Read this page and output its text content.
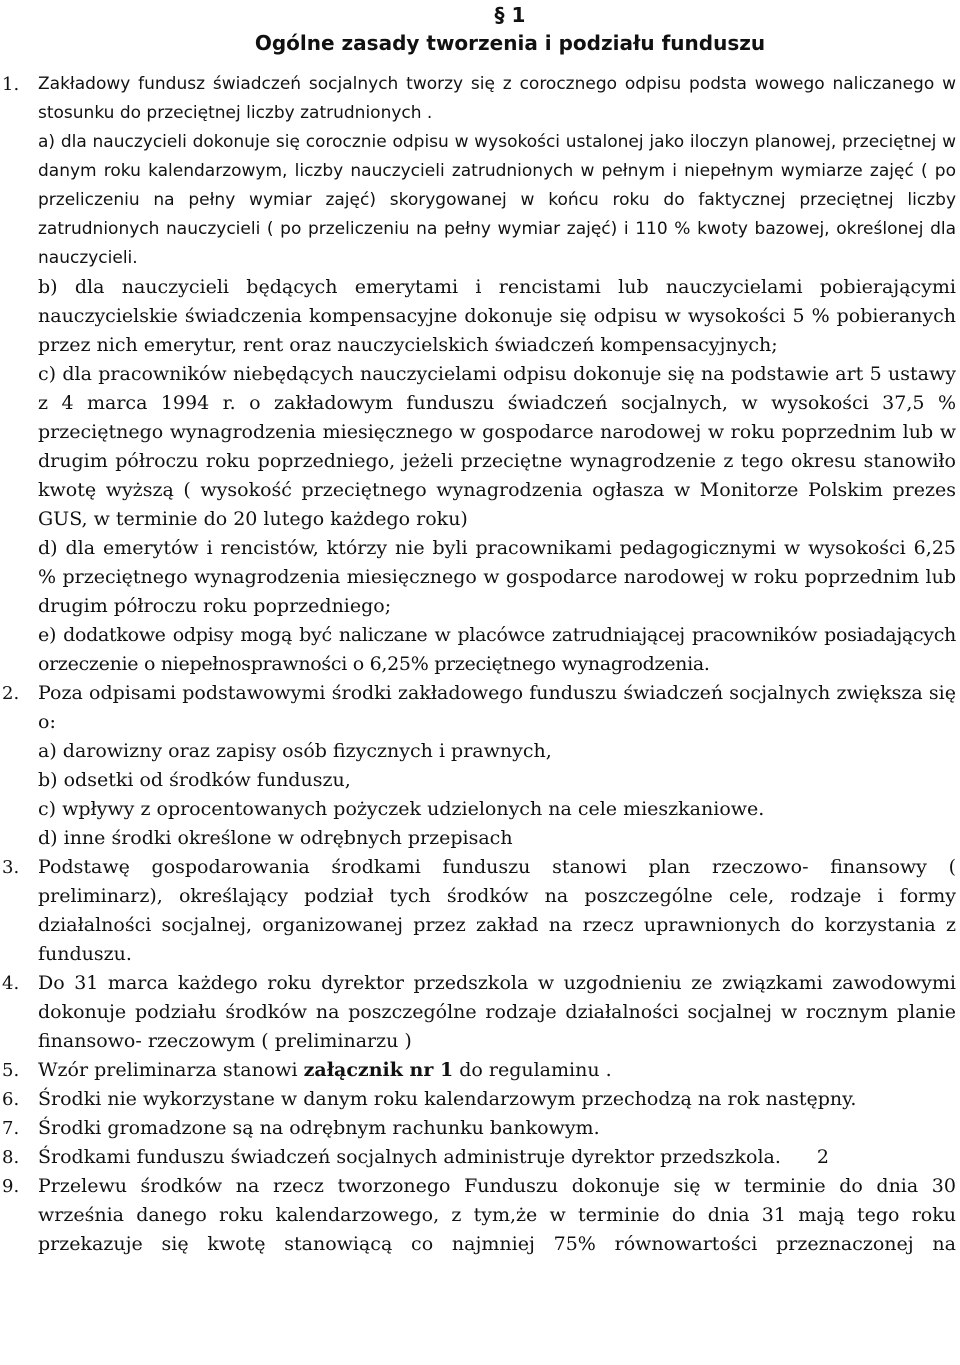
§ 1
Ogólne zasady tworzenia i podziału funduszu
1. Zakładowy fundusz świadczeń socjalnych tworzy się z corocznego odpisu podsta wowego naliczanego w stosunku do przeciętnej liczby zatrudnionych .

a) dla nauczycieli dokonuje się corocznie odpisu w wysokości ustalonej jako iloczyn planowej, przeciętnej w danym roku kalendarzowym, liczby nauczycieli zatrudnionych w pełnym i niepełnym wymiarze zajęć ( po przeliczeniu na pełny wymiar zajęć) skorygowanej w końcu roku do faktycznej przeciętnej liczby zatrudnionych nauczycieli ( po przeliczeniu na pełny wymiar zajęć) i 110 % kwoty bazowej, określonej dla nauczycieli.

b) dla nauczycieli będących emerytami i rencistami lub nauczycielami pobierającymi nauczycielskie świadczenia kompensacyjne dokonuje się odpisu w wysokości 5 % pobieranych przez nich emerytur, rent oraz nauczycielskich świadczeń kompensacyjnych;

c) dla pracowników niebędących nauczycielami odpisu dokonuje się na podstawie art 5 ustawy z 4 marca 1994 r. o zakładowym funduszu świadczeń socjalnych, w wysokości 37,5 % przeciętnego wynagrodzenia miesięcznego w gospodarce narodowej w roku poprzednim lub w drugim półroczu roku poprzedniego, jeżeli przeciętne wynagrodzenie z tego okresu stanowiło kwotę wyższą ( wysokość przeciętnego wynagrodzenia ogłasza w Monitorze Polskim prezes GUS, w terminie do 20 lutego każdego roku)

d) dla emerytów i rencistów, którzy nie byli pracownikami pedagogicznymi w wysokości 6,25 % przeciętnego wynagrodzenia miesięcznego w gospodarce narodowej w roku poprzednim lub drugim półroczu roku poprzedniego;

e) dodatkowe odpisy mogą być naliczane w placówce zatrudniającej pracowników posiadających orzeczenie o niepełnosprawności o 6,25% przeciętnego wynagrodzenia.

2. Poza odpisami podstawowymi środki zakładowego funduszu świadczeń socjalnych zwiększa się o:

a) darowizny oraz zapisy osób fizycznych i prawnych,

b) odsetki od środków funduszu,

c) wpływy z oprocentowanych pożyczek udzielonych na cele mieszkaniowe.

d) inne środki określone w odrębnych przepisach

3. Podstawę gospodarowania środkami funduszu stanowi plan rzeczowo- finansowy ( preliminarz), określający podział tych środków na poszczególne cele, rodzaje i formy działalności socjalnej, organizowanej przez zakład na rzecz uprawnionych do korzystania z funduszu.

4. Do 31 marca każdego roku dyrektor przedszkola w uzgodnieniu ze związkami zawodowymi dokonuje podziału środków na poszczególne rodzaje działalności socjalnej w rocznym planie finansowo- rzeczowym ( preliminarzu )

5. Wzór preliminarza stanowi załącznik nr 1 do regulaminu .

6. Środki nie wykorzystane w danym roku kalendarzowym przechodzą na rok następny.

7. Środki gromadzone są na odrębnym rachunku bankowym.

8. Środkami funduszu świadczeń socjalnych administruje dyrektor przedszkola. 2

9. Przelewu środków na rzecz tworzonego Funduszu dokonuje się w terminie do dnia 30 września danego roku kalendarzowego, z tym,że w terminie do dnia 31 mają tego roku przekazuje się kwotę stanowiącą co najmniej 75% równowartości przeznaczonej na
